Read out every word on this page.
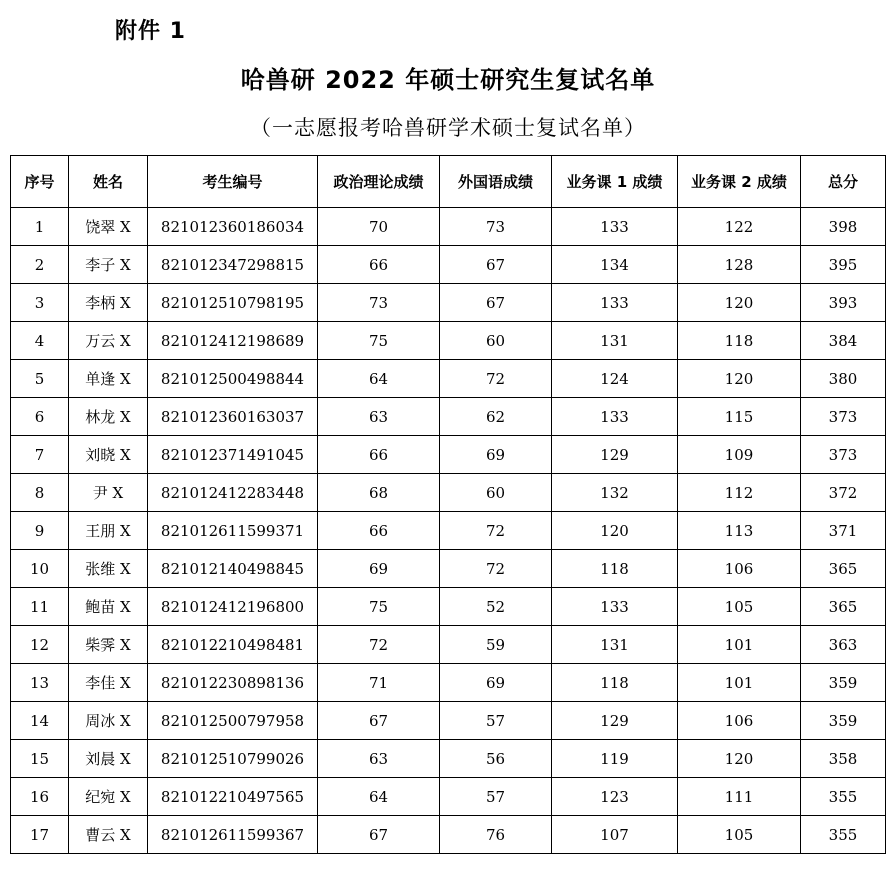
附件 1
哈兽研 2022 年硕士研究生复试名单
（一志愿报考哈兽研学术硕士复试名单）
序号	姓名	考生编号	政治理论成绩	外国语成绩	业务课 1 成绩	业务课 2 成绩	总分
1	饶翠 X	821012360186034	70	73	133	122	398
2	李子 X	821012347298815	66	67	134	128	395
3	李柄 X	821012510798195	73	67	133	120	393
4	万云 X	821012412198689	75	60	131	118	384
5	单逢 X	821012500498844	64	72	124	120	380
6	林龙 X	821012360163037	63	62	133	115	373
7	刘晓 X	821012371491045	66	69	129	109	373
8	尹 X	821012412283448	68	60	132	112	372
9	王朋 X	821012611599371	66	72	120	113	371
10	张维 X	821012140498845	69	72	118	106	365
11	鲍苗 X	821012412196800	75	52	133	105	365
12	柴霁 X	821012210498481	72	59	131	101	363
13	李佳 X	821012230898136	71	69	118	101	359
14	周冰 X	821012500797958	67	57	129	106	359
15	刘晨 X	821012510799026	63	56	119	120	358
16	纪宛 X	821012210497565	64	57	123	111	355
17	曹云 X	821012611599367	67	76	107	105	355
